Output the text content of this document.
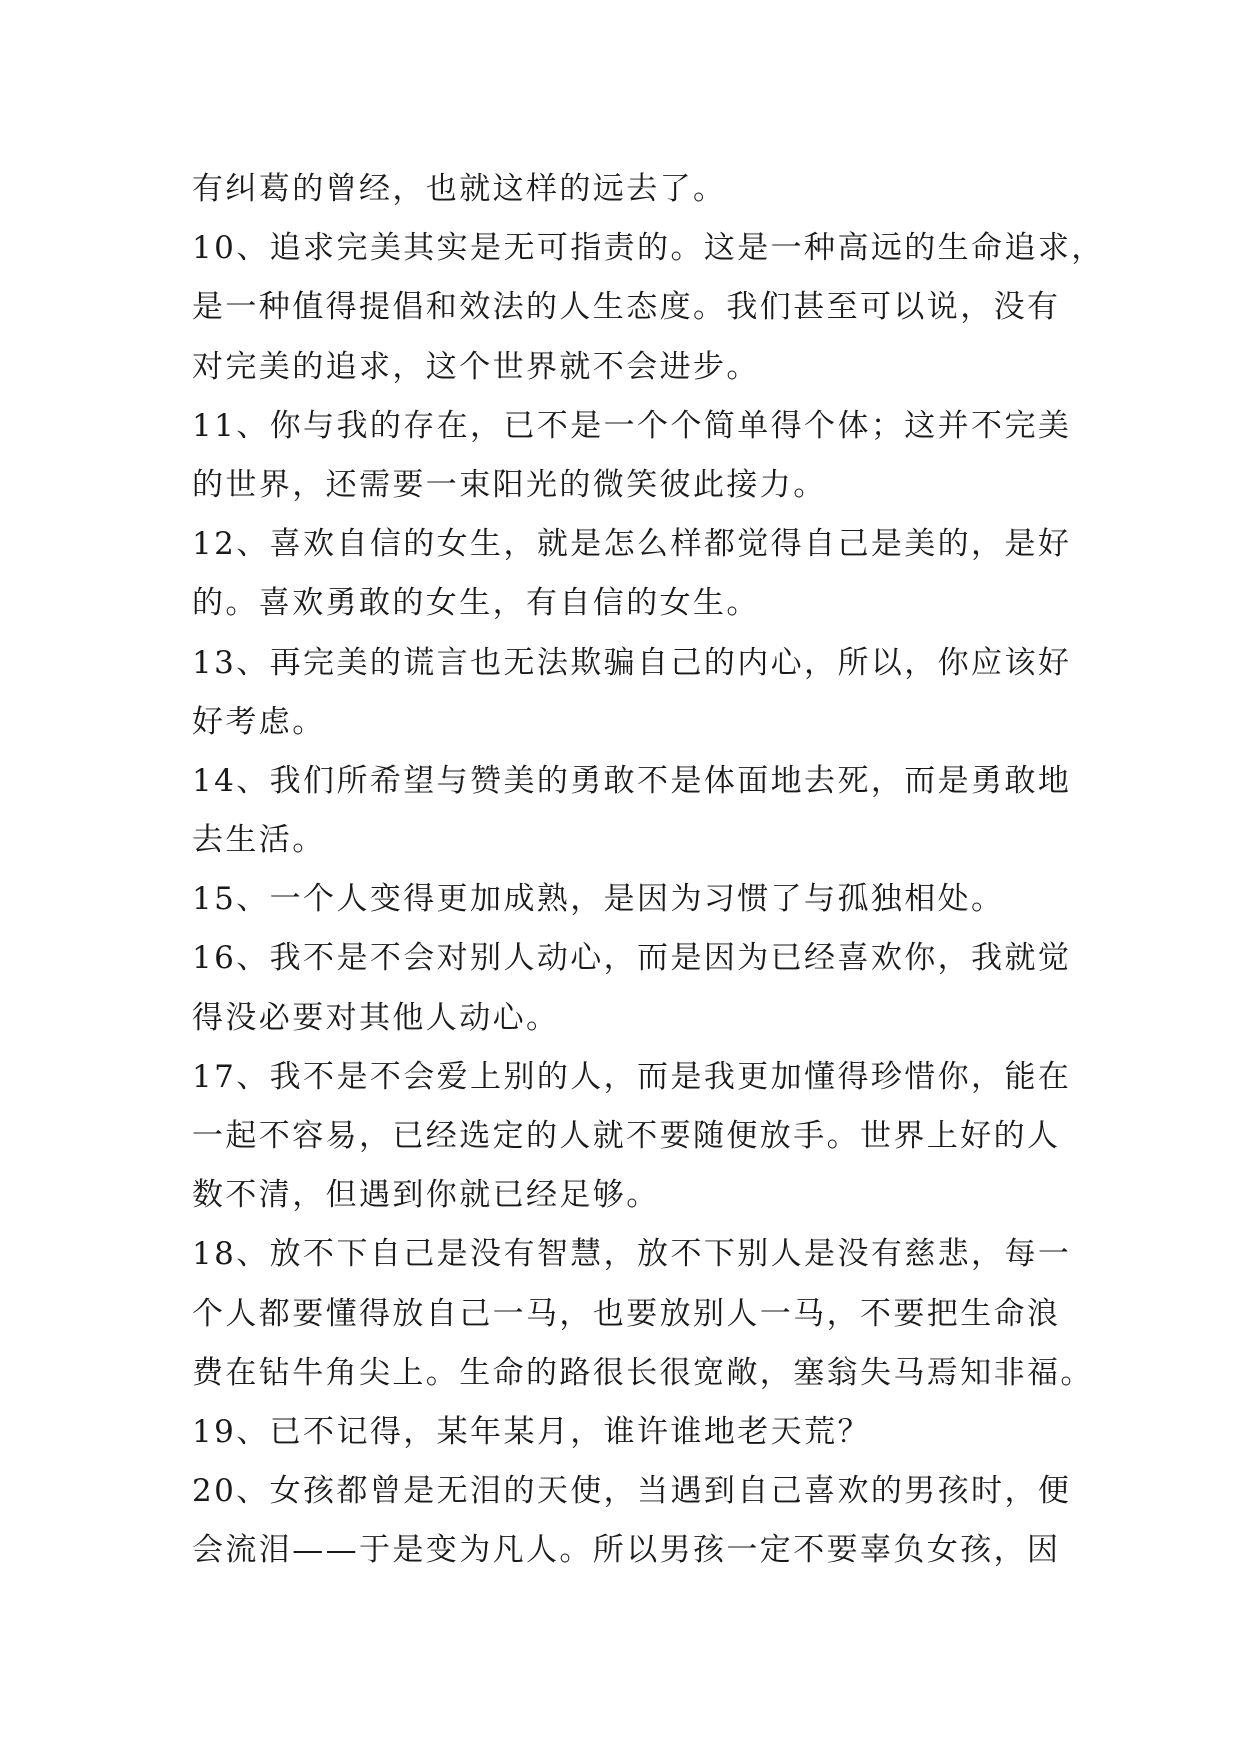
有纠葛的曾经，也就这样的远去了。
10、追求完美其实是无可指责的。这是一种高远的生命追求，
是一种值得提倡和效法的人生态度。我们甚至可以说，没有
对完美的追求，这个世界就不会进步。
11、你与我的存在，已不是一个个简单得个体；这并不完美
的世界，还需要一束阳光的微笑彼此接力。
12、喜欢自信的女生，就是怎么样都觉得自己是美的，是好
的。喜欢勇敢的女生，有自信的女生。
13、再完美的谎言也无法欺骗自己的内心，所以，你应该好
好考虑。
14、我们所希望与赞美的勇敢不是体面地去死，而是勇敢地
去生活。
15、一个人变得更加成熟，是因为习惯了与孤独相处。
16、我不是不会对别人动心，而是因为已经喜欢你，我就觉
得没必要对其他人动心。
17、我不是不会爱上别的人，而是我更加懂得珍惜你，能在
一起不容易，已经选定的人就不要随便放手。世界上好的人
数不清，但遇到你就已经足够。
18、放不下自己是没有智慧，放不下别人是没有慈悲，每一
个人都要懂得放自己一马，也要放别人一马，不要把生命浪
费在钻牛角尖上。生命的路很长很宽敞，塞翁失马焉知非福。
19、已不记得，某年某月，谁许谁地老天荒？
20、女孩都曾是无泪的天使，当遇到自己喜欢的男孩时，便
会流泪——于是变为凡人。所以男孩一定不要辜负女孩，因
